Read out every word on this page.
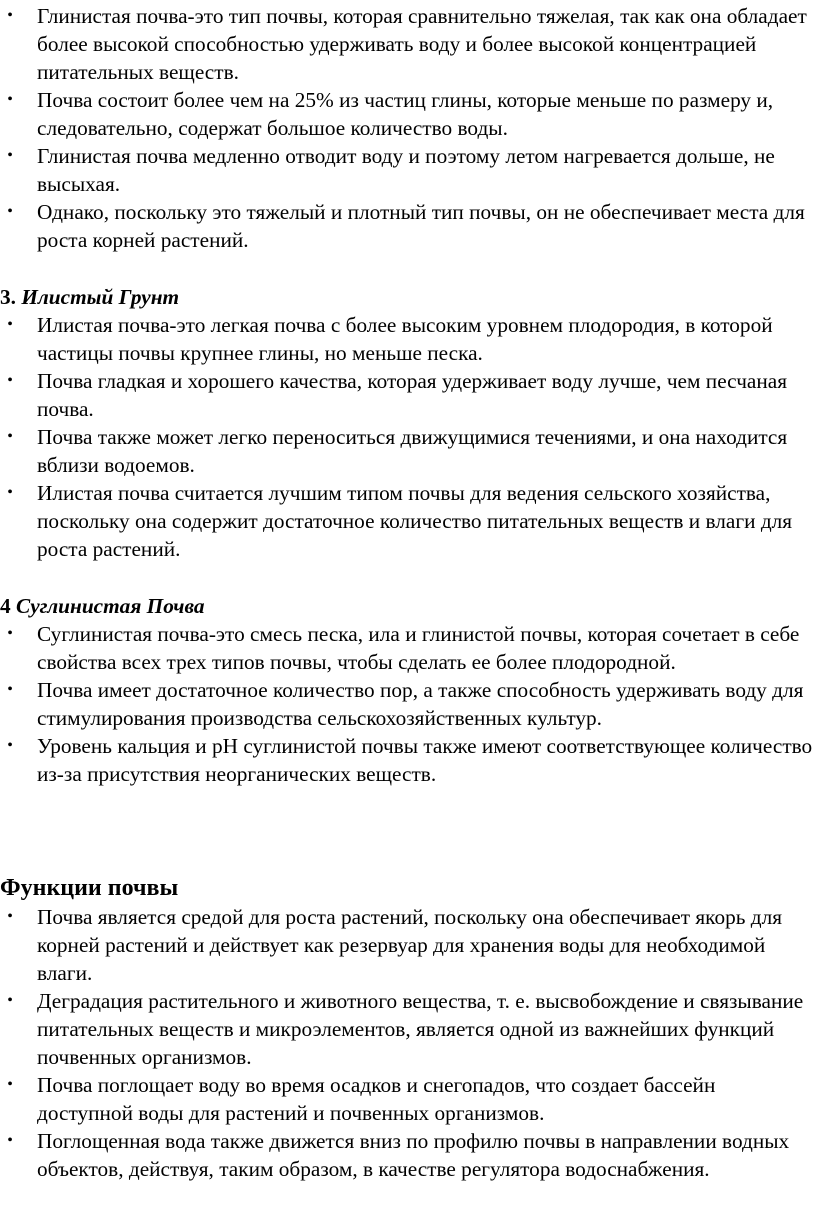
•	Глинистая почва-это тип почвы, которая сравнительно тяжелая, так как она обладает более высокой способностью удерживать воду и более высокой концентрацией питательных веществ.
•	Почва состоит более чем на 25% из частиц глины, которые меньше по размеру и, следовательно, содержат большое количество воды.
•	Глинистая почва медленно отводит воду и поэтому летом нагревается дольше, не высыхая.
•	Однако, поскольку это тяжелый и плотный тип почвы, он не обеспечивает места для роста корней растений.

3. Илистый Грунт

•	Илистая почва-это легкая почва с более высоким уровнем плодородия, в которой частицы почвы крупнее глины, но меньше песка.
•	Почва гладкая и хорошего качества, которая удерживает воду лучше, чем песчаная почва.
•	Почва также может легко переноситься движущимися течениями, и она находится вблизи водоемов.
•	Илистая почва считается лучшим типом почвы для ведения сельского хозяйства, поскольку она содержит достаточное количество питательных веществ и влаги для роста растений.

4 Суглинистая Почва

•	Суглинистая почва-это смесь песка, ила и глинистой почвы, которая сочетает в себе свойства всех трех типов почвы, чтобы сделать ее более плодородной.
•	Почва имеет достаточное количество пор, а также способность удерживать воду для стимулирования производства сельскохозяйственных культур.
•	Уровень кальция и pH суглинистой почвы также имеют соответствующее количество из-за присутствия неорганических веществ.
Функции почвы
•	Почва является средой для роста растений, поскольку она обеспечивает якорь для корней растений и действует как резервуар для хранения воды для необходимой влаги.
•	Деградация растительного и животного вещества, т. е. высвобождение и связывание питательных веществ и микроэлементов, является одной из важнейших функций почвенных организмов.
•	Почва поглощает воду во время осадков и снегопадов, что создает бассейн доступной воды для растений и почвенных организмов.
•	Поглощенная вода также движется вниз по профилю почвы в направлении водных объектов, действуя, таким образом, в качестве регулятора водоснабжения.
